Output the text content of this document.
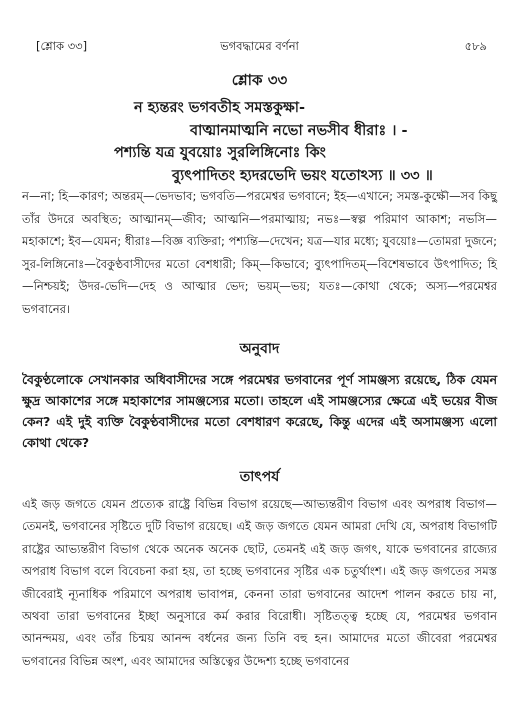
[শ্লোক ৩৩]	ভগবদ্ধামের বর্ণনা	৫৮৯
শ্লোক ৩৩
ন হ্যন্তরং ভগবতীহ সমস্তকুক্ষা-
বাত্মানমাত্মনি নভো নভসীব ধীরাঃ । -
পশ্যন্তি যত্র যুবয়োঃ সুরলিঙ্গিনোঃ কিং
ব্যুৎপাদিতং হ্যদরভেদি ভয়ং যতোঽস্য ॥ ৩৩ ॥

ন—না; হি—কারণ; অন্তরম্—ভেদভাব; ভগবতি—পরমেশ্বর ভগবানে; ইহ—এখানে; সমস্ত-কুক্ষৌ—সব কিছু তাঁর উদরে অবস্থিত; আত্মানম্—জীব; আত্মনি—পরমাত্মায়; নভঃ—স্বল্প পরিমাণ আকাশ; নভসি—মহাকাশে; ইব—যেমন; ধীরাঃ—বিজ্ঞ ব্যক্তিরা; পশ্যন্তি—দেখেন; যত্র—যার মধ্যে; যুবয়োঃ—তোমরা দুজনে; সুর-লিঙ্গিনোঃ—বৈকুণ্ঠবাসীদের মতো বেশধারী; কিম্—কিভাবে; ব্যুৎপাদিতম্—বিশেষভাবে উৎপাদিত; হি—নিশ্চয়ই; উদর-ভেদি—দেহ ও আত্মার ভেদ; ভয়ম্—ভয়; যতঃ—কোথা থেকে; অস্য—পরমেশ্বর ভগবানের।

অনুবাদ

বৈকুণ্ঠলোকে সেখানকার অধিবাসীদের সঙ্গে পরমেশ্বর ভগবানের পূর্ণ সামঞ্জস্য রয়েছে, ঠিক যেমন ক্ষুদ্র আকাশের সঙ্গে মহাকাশের সামঞ্জস্যের মতো। তাহলে এই সামঞ্জস্যের ক্ষেত্রে এই ভয়ের বীজ কেন? এই দুই ব্যক্তি বৈকুণ্ঠবাসীদের মতো বেশধারণ করেছে, কিন্তু এদের এই অসামঞ্জস্য এলো কোথা থেকে?

তাৎপর্য

এই জড় জগতে যেমন প্রত্যেক রাষ্ট্রে বিভিন্ন বিভাগ রয়েছে—আভ্যন্তরীণ বিভাগ এবং অপরাধ বিভাগ—তেমনই, ভগবানের সৃষ্টিতে দুটি বিভাগ রয়েছে। এই জড় জগতে যেমন আমরা দেখি যে, অপরাধ বিভাগটি রাষ্ট্রের আভ্যন্তরীণ বিভাগ থেকে অনেক অনেক ছোট, তেমনই এই জড় জগৎ, যাকে ভগবানের রাজ্যের অপরাধ বিভাগ বলে বিবেচনা করা হয়, তা হচ্ছে ভগবানের সৃষ্টির এক চতুর্থাংশ। এই জড় জগতের সমস্ত জীবেরাই ন্যূনাধিক পরিমাণে অপরাধ ভাবাপন্ন, কেননা তারা ভগবানের আদেশ পালন করতে চায় না, অথবা তারা ভগবানের ইচ্ছা অনুসারে কর্ম করার বিরোধী। সৃষ্টিতত্ত্ব হচ্ছে যে, পরমেশ্বর ভগবান আনন্দময়, এবং তাঁর চিন্ময় আনন্দ বর্ধনের জন্য তিনি বহু হন। আমাদের মতো জীবেরা পরমেশ্বর ভগবানের বিভিন্ন অংশ, এবং আমাদের অস্তিত্বের উদ্দেশ্য হচ্ছে ভগবানের
